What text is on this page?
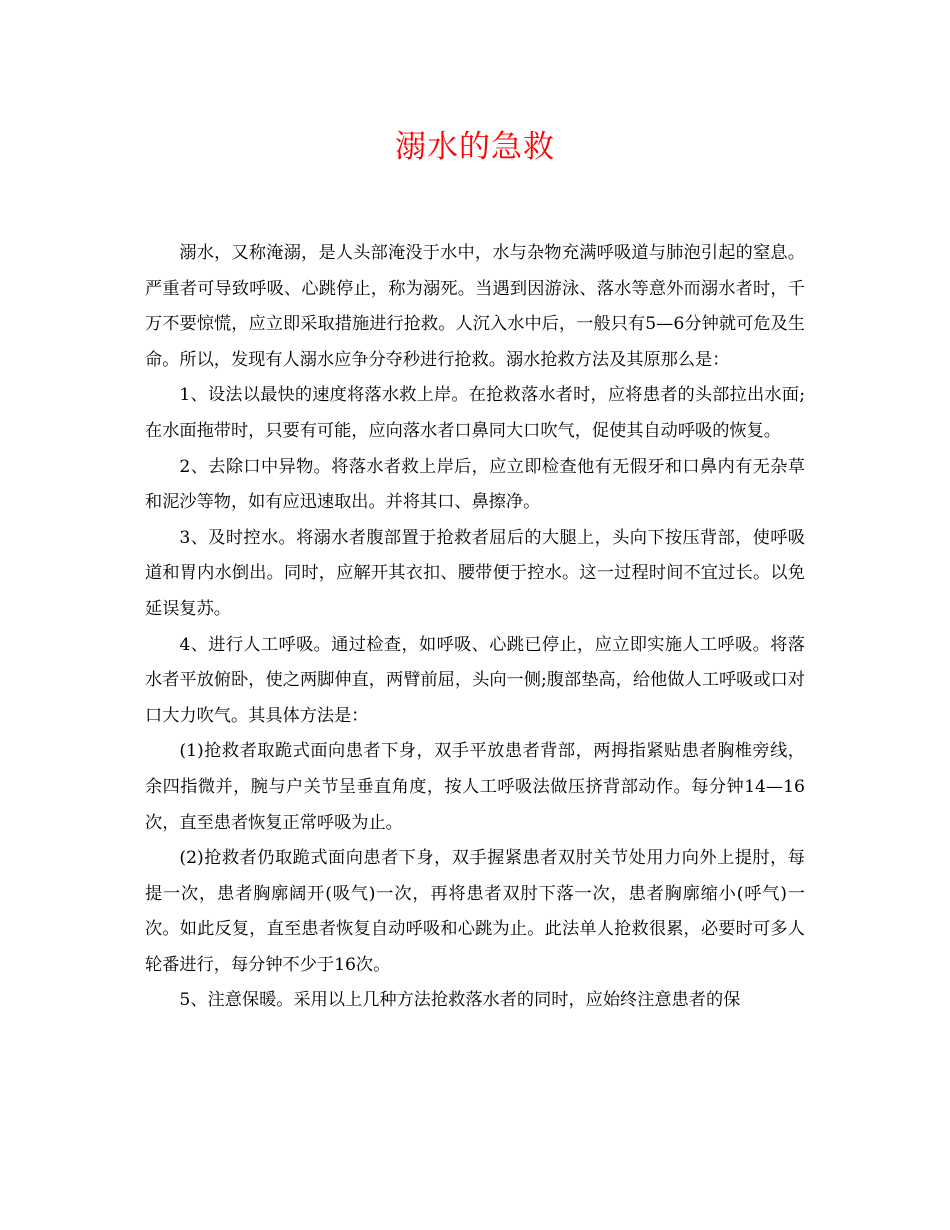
溺水的急救

溺水，又称淹溺，是人头部淹没于水中，水与杂物充满呼吸道与肺泡引起的窒息。严重者可导致呼吸、心跳停止，称为溺死。当遇到因游泳、落水等意外而溺水者时，千万不要惊慌，应立即采取措施进行抢救。人沉入水中后，一般只有5—6分钟就可危及生命。所以，发现有人溺水应争分夺秒进行抢救。溺水抢救方法及其原那么是：

1、设法以最快的速度将落水救上岸。在抢救落水者时，应将患者的头部拉出水面;在水面拖带时，只要有可能，应向落水者口鼻同大口吹气，促使其自动呼吸的恢复。

2、去除口中异物。将落水者救上岸后，应立即检查他有无假牙和口鼻内有无杂草和泥沙等物，如有应迅速取出。并将其口、鼻擦净。

3、及时控水。将溺水者腹部置于抢救者屈后的大腿上，头向下按压背部，使呼吸道和胃内水倒出。同时，应解开其衣扣、腰带便于控水。这一过程时间不宜过长。以免延误复苏。

4、进行人工呼吸。通过检查，如呼吸、心跳已停止，应立即实施人工呼吸。将落水者平放俯卧，使之两脚伸直，两臂前屈，头向一侧;腹部垫高，给他做人工呼吸或口对口大力吹气。其具体方法是：

(1)抢救者取跪式面向患者下身，双手平放患者背部，两拇指紧贴患者胸椎旁线，余四指微并，腕与户关节呈垂直角度，按人工呼吸法做压挤背部动作。每分钟14—16次，直至患者恢复正常呼吸为止。

(2)抢救者仍取跪式面向患者下身，双手握紧患者双肘关节处用力向外上提肘，每提一次，患者胸廓阔开(吸气)一次，再将患者双肘下落一次，患者胸廓缩小(呼气)一次。如此反复，直至患者恢复自动呼吸和心跳为止。此法单人抢救很累，必要时可多人轮番进行，每分钟不少于16次。

5、注意保暖。采用以上几种方法抢救落水者的同时，应始终注意患者的保
